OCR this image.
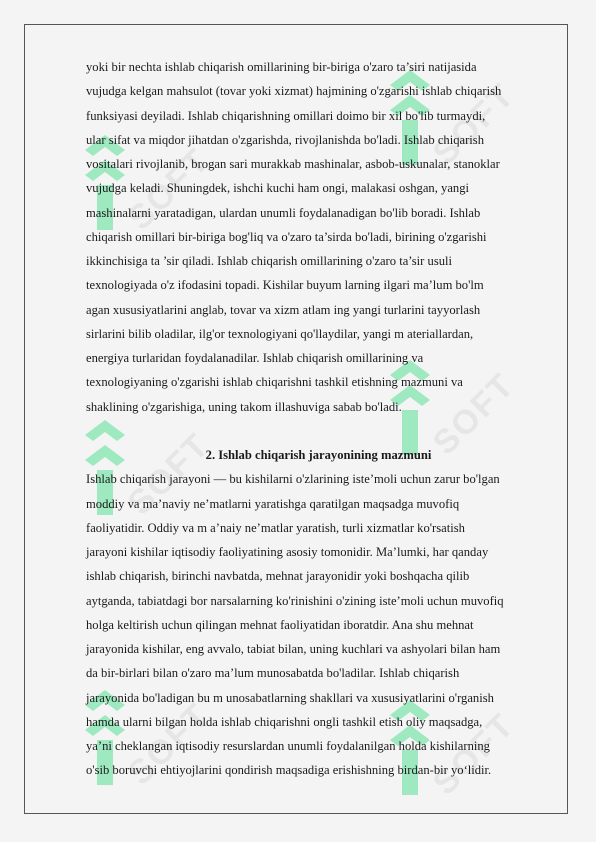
SOFT
SOFT
SOFT
SOFT
SOFT	SOFT
yoki bir nechta ishlab chiqarish omillarining bir-biriga o'zaro ta’siri natijasida
vujudga kelgan mahsulot (tovar yoki xizmat) hajmining o'zgarishi ishlab chiqarish
funksiyasi deyiladi. Ishlab chiqarishning omillari doimo bir xil bo'lib turmaydi,
ular sifat va miqdor jihatdan o'zgarishda, rivojlanishda bo'ladi. Ishlab chiqarish
vositalari rivojlanib, brogan sari murakkab mashinalar, asbob-uskunalar, stanoklar
vujudga keladi. Shuningdek, ishchi kuchi ham ongi, malakasi oshgan, yangi
mashinalarni yaratadigan, ulardan unumli foydalanadigan bo'lib boradi. Ishlab
chiqarish omillari bir-biriga bog'liq va o'zaro ta’sirda bo'ladi, birining o'zgarishi
ikkinchisiga ta ’sir qiladi. Ishlab chiqarish omillarining o'zaro ta’sir usuli
texnologiyada o'z ifodasini topadi. Kishilar buyum larning ilgari ma’lum bo'lm
agan xususiyatlarini anglab, tovar va xizm atlam ing yangi turlarini tayyorlash
sirlarini bilib oladilar, ilg'or texnologiyani qo'llaydilar, yangi m ateriallardan,
energiya turlaridan foydalanadilar. Ishlab chiqarish omillarining va
texnologiyaning o'zgarishi ishlab chiqarishni tashkil etishning mazmuni va
shaklining o'zgarishiga, uning takom illashuviga sabab bo'ladi.
2. Ishlab chiqarish jarayonining mazmuni
Ishlab chiqarish jarayoni — bu kishilarni o'zlarining iste’moli uchun zarur bo'lgan
moddiy va ma’naviy ne’matlarni yaratishga qaratilgan maqsadga muvofiq
faoliyatidir. Oddiy va m a’naiy ne’matlar yaratish, turli xizmatlar ko'rsatish
jarayoni kishilar iqtisodiy faoliyatining asosiy tomonidir. Ma’lumki, har qanday
ishlab chiqarish, birinchi navbatda, mehnat jarayonidir yoki boshqacha qilib
aytganda, tabiatdagi bor narsalarning ko'rinishini o'zining iste’moli uchun muvofiq
holga keltirish uchun qilingan mehnat faoliyatidan iboratdir. Ana shu mehnat
jarayonida kishilar, eng avvalo, tabiat bilan, uning kuchlari va ashyolari bilan ham
da bir-birlari bilan o'zaro ma’lum munosabatda bo'ladilar. Ishlab chiqarish
jarayonida bo'ladigan bu m unosabatlarning shakllari va xususiyatlarini o'rganish
hamda ularni bilgan holda ishlab chiqarishni ongli tashkil etish oliy maqsadga,
ya’ni cheklangan iqtisodiy resurslardan unumli foydalanilgan holda kishilarning
o'sib boruvchi ehtiyojlarini qondirish maqsadiga erishishning birdan-bir yo‘lidir.
